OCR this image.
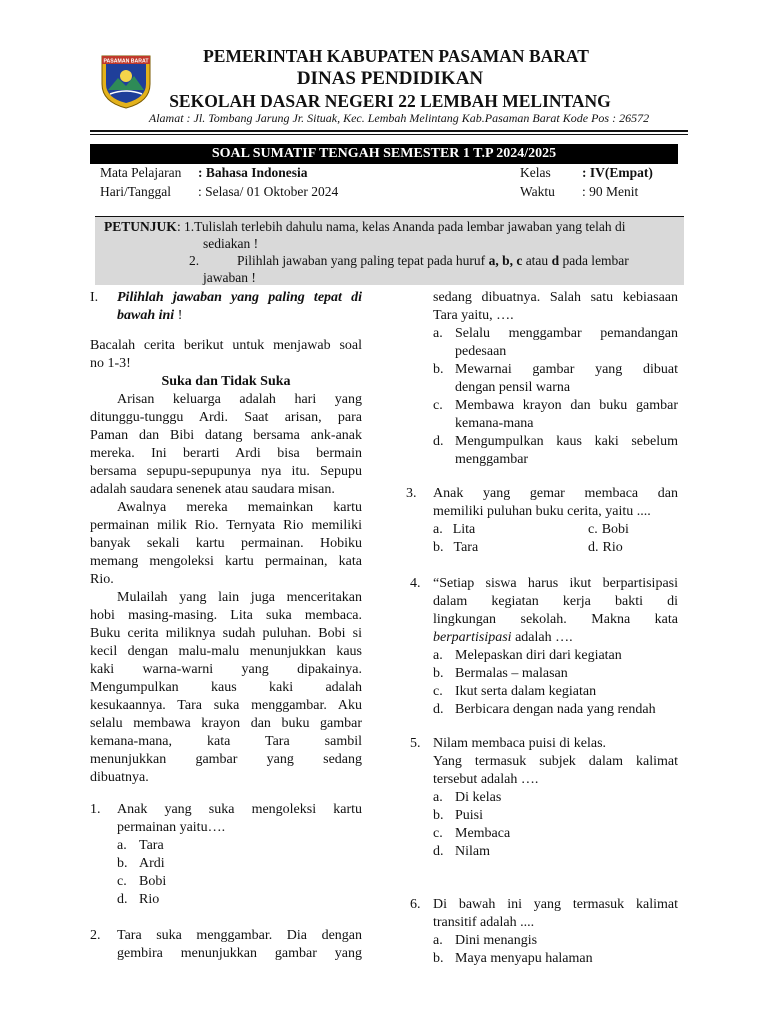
PASAMAN BARAT	PEMERINTAH KABUPATEN PASAMAN BARAT
DINAS PENDIDIKAN
SEKOLAH DASAR NEGERI 22 LEMBAH MELINTANG
Alamat : Jl. Tombang Jarung Jr. Situak, Kec. Lembah Melintang Kab.Pasaman Barat Kode Pos : 26572
SOAL SUMATIF TENGAH SEMESTER 1 T.P 2024/2025
Mata Pelajaran : Bahasa Indonesia
Hari/Tanggal : Selasa/ 01 Oktober 2024
Kelas : IV(Empat)
Waktu : 90 Menit
PETUNJUK : 1.Tulislah terlebih dahulu nama, kelas Ananda pada lembar jawaban yang telah di
sediakan !
2.	Pilihlah jawaban yang paling tepat pada huruf a, b, c atau d pada lembar
jawaban !
I. Pilihlah jawaban yang paling tepat di
bawah ini !
Bacalah cerita berikut untuk menjawab soal
no 1-3!
Suka dan Tidak Suka
Arisan keluarga adalah hari yang
ditunggu-tunggu Ardi. Saat arisan, para
Paman dan Bibi datang bersama ank-anak
mereka. Ini berarti Ardi bisa bermain
bersama sepupu-sepupunya nya itu. Sepupu
adalah saudara senenek atau saudara misan.
Awalnya mereka memainkan kartu
permainan milik Rio. Ternyata Rio memiliki
banyak sekali kartu permainan. Hobiku
memang mengoleksi kartu permainan, kata
Rio.
Mulailah yang lain juga menceritakan
hobi masing-masing. Lita suka membaca.
Buku cerita miliknya sudah puluhan. Bobi si
kecil dengan malu-malu menunjukkan kaus
kaki warna-warni yang dipakainya.
Mengumpulkan kaus kaki adalah
kesukaannya. Tara suka menggambar. Aku
selalu membawa krayon dan buku gambar
kemana-mana, kata Tara sambil
menunjukkan gambar yang sedang
dibuatnya.
1. Anak yang suka mengoleksi kartu
permainan yaitu….
a. Tara
b. Ardi
c. Bobi
d. Rio
2. Tara suka menggambar. Dia dengan
gembira menunjukkan gambar yang
sedang dibuatnya. Salah satu kebiasaan
Tara yaitu, ….
a. Selalu menggambar pemandangan
pedesaan
b. Mewarnai gambar yang dibuat
dengan pensil warna
c. Membawa krayon dan buku gambar
kemana-mana
d. Mengumpulkan kaus kaki sebelum
menggambar
3. Anak yang gemar membaca dan
memiliki puluhan buku cerita, yaitu ....
a. Lita
b. Tara
c. Bobi
d. Rio
4. “Setiap siswa harus ikut berpartisipasi
dalam kegiatan kerja bakti di
lingkungan sekolah. Makna kata
berpartisipasi adalah ….
a. Melepaskan diri dari kegiatan
b. Bermalas – malasan
c. Ikut serta dalam kegiatan
d. Berbicara dengan nada yang rendah
5. Nilam membaca puisi di kelas.
Yang termasuk subjek dalam kalimat
tersebut adalah ….
a. Di kelas
b. Puisi
c. Membaca
d. Nilam
6. Di bawah ini yang termasuk kalimat
transitif adalah ....
a. Dini menangis
b. Maya menyapu halaman
